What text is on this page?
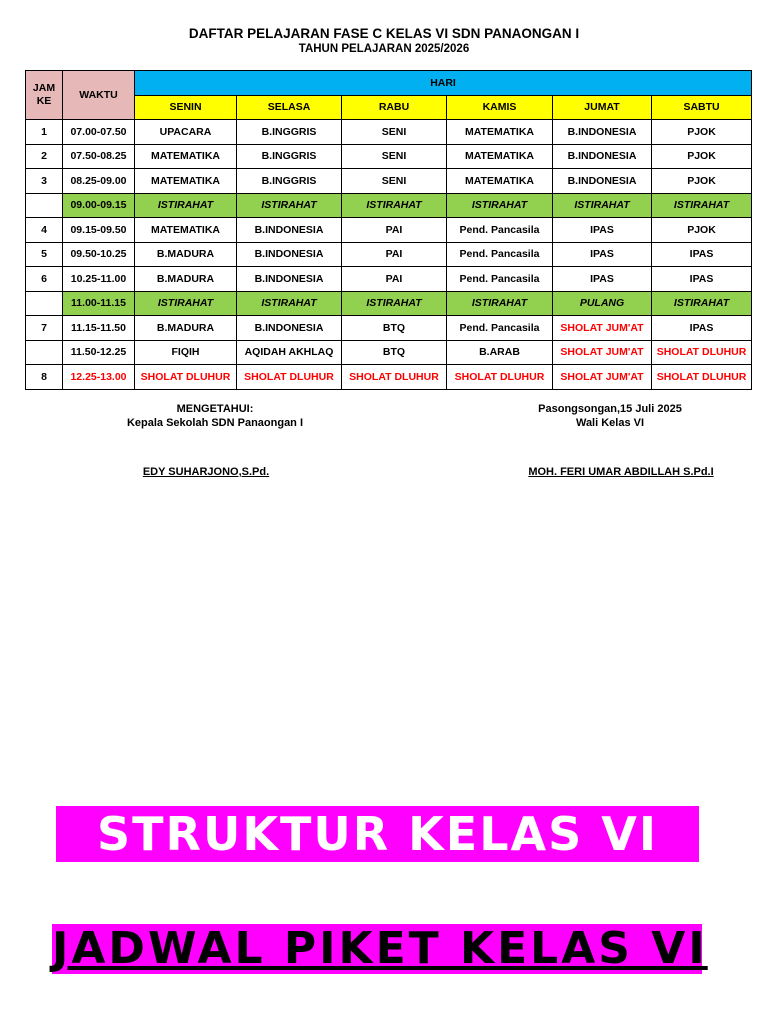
DAFTAR PELAJARAN FASE C KELAS VI SDN PANAONGAN I
TAHUN PELAJARAN 2025/2026
JAM KE	WAKTU	HARI					
		SENIN	SELASA	RABU	KAMIS	JUMAT	SABTU
1	07.00-07.50	UPACARA	B.INGGRIS	SENI	MATEMATIKA	B.INDONESIA	PJOK
2	07.50-08.25	MATEMATIKA	B.INGGRIS	SENI	MATEMATIKA	B.INDONESIA	PJOK
3	08.25-09.00	MATEMATIKA	B.INGGRIS	SENI	MATEMATIKA	B.INDONESIA	PJOK
	09.00-09.15	ISTIRAHAT	ISTIRAHAT	ISTIRAHAT	ISTIRAHAT	ISTIRAHAT	ISTIRAHAT
4	09.15-09.50	MATEMATIKA	B.INDONESIA	PAI	Pend. Pancasila	IPAS	PJOK
5	09.50-10.25	B.MADURA	B.INDONESIA	PAI	Pend. Pancasila	IPAS	IPAS
6	10.25-11.00	B.MADURA	B.INDONESIA	PAI	Pend. Pancasila	IPAS	IPAS
	11.00-11.15	ISTIRAHAT	ISTIRAHAT	ISTIRAHAT	ISTIRAHAT	PULANG	ISTIRAHAT
7	11.15-11.50	B.MADURA	B.INDONESIA	BTQ	Pend. Pancasila	SHOLAT JUM'AT	IPAS
	11.50-12.25	FIQIH	AQIDAH AKHLAQ	BTQ	B.ARAB	SHOLAT JUM'AT	SHOLAT DLUHUR
8	12.25-13.00	SHOLAT DLUHUR	SHOLAT DLUHUR	SHOLAT DLUHUR	SHOLAT DLUHUR	SHOLAT JUM'AT	SHOLAT DLUHUR
MENGETAHUI:
Kepala Sekolah SDN Panaongan I
Pasongsongan,15 Juli 2025
Wali Kelas VI
EDY SUHARJONO,S.Pd.	MOH. FERI UMAR ABDILLAH S.Pd.I
STRUKTUR KELAS VI
JADWAL PIKET KELAS VI
